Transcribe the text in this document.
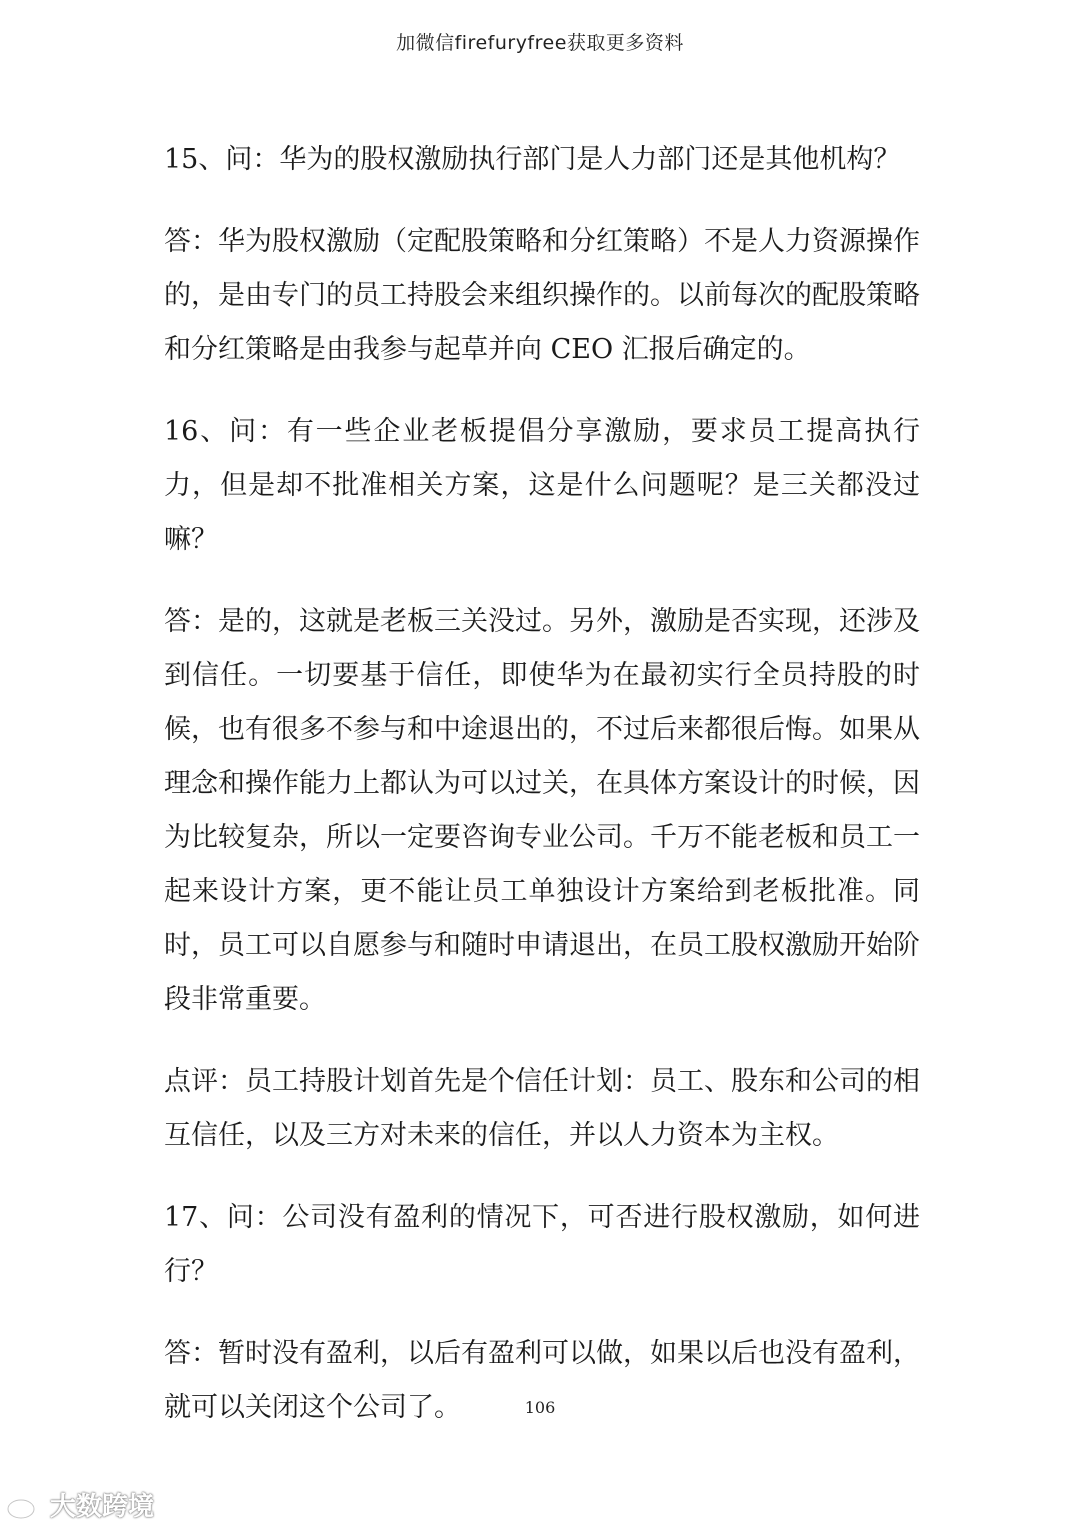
加微信firefuryfree获取更多资料

15、问：华为的股权激励执行部门是人力部门还是其他机构？

答：华为股权激励（定配股策略和分红策略）不是人力资源操作的，是由专门的员工持股会来组织操作的。以前每次的配股策略和分红策略是由我参与起草并向 CEO 汇报后确定的。

16、问：有一些企业老板提倡分享激励，要求员工提高执行力，但是却不批准相关方案，这是什么问题呢？是三关都没过嘛？

答：是的，这就是老板三关没过。另外，激励是否实现，还涉及到信任。一切要基于信任，即使华为在最初实行全员持股的时候，也有很多不参与和中途退出的，不过后来都很后悔。如果从理念和操作能力上都认为可以过关，在具体方案设计的时候，因为比较复杂，所以一定要咨询专业公司。千万不能老板和员工一起来设计方案，更不能让员工单独设计方案给到老板批准。同时，员工可以自愿参与和随时申请退出，在员工股权激励开始阶段非常重要。

点评：员工持股计划首先是个信任计划：员工、股东和公司的相互信任，以及三方对未来的信任，并以人力资本为主权。

17、问：公司没有盈利的情况下，可否进行股权激励，如何进行？

答：暂时没有盈利，以后有盈利可以做，如果以后也没有盈利，就可以关闭这个公司了。	106
大数跨境
